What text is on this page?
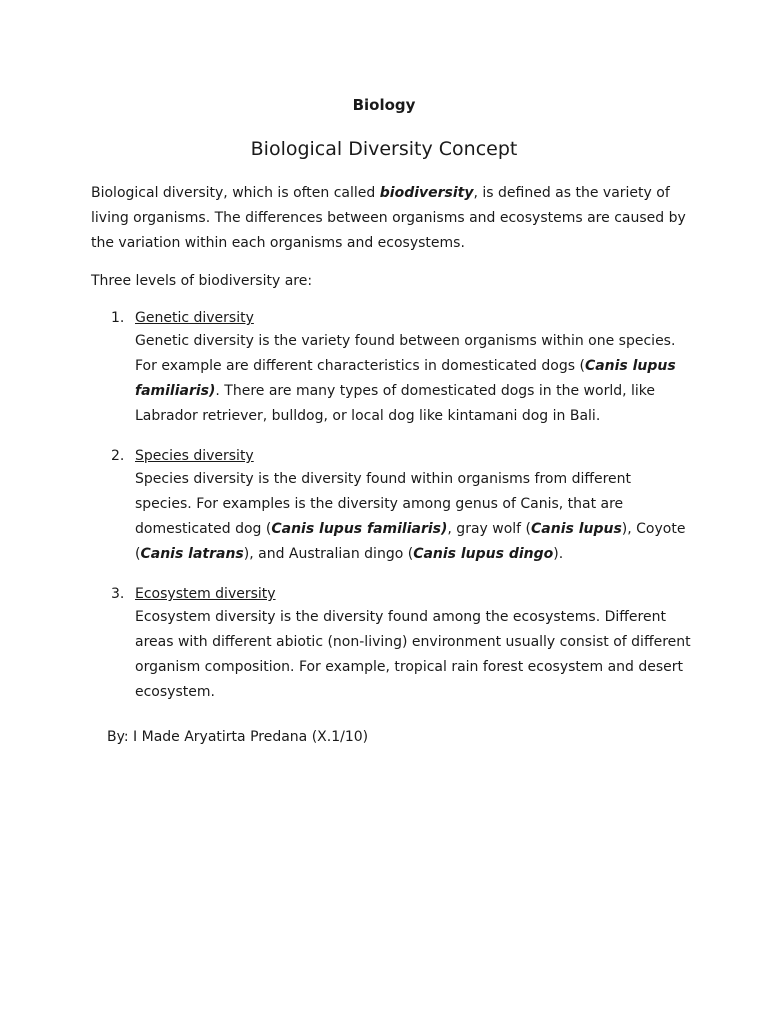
Biology
Biological Diversity Concept

Biological diversity, which is often called biodiversity, is defined as the variety of living organisms. The differences between organisms and ecosystems are caused by the variation within each organisms and ecosystems.

Three levels of biodiversity are:

1. Genetic diversity

Genetic diversity is the variety found between organisms within one species. For example are different characteristics in domesticated dogs (Canis lupus familiaris). There are many types of domesticated dogs in the world, like Labrador retriever, bulldog, or local dog like kintamani dog in Bali.

2. Species diversity

Species diversity is the diversity found within organisms from different species. For examples is the diversity among genus of Canis, that are domesticated dog (Canis lupus familiaris), gray wolf (Canis lupus), Coyote (Canis latrans), and Australian dingo (Canis lupus dingo).

3. Ecosystem diversity

Ecosystem diversity is the diversity found among the ecosystems. Different areas with different abiotic (non-living) environment usually consist of different organism composition. For example, tropical rain forest ecosystem and desert ecosystem.

By: I Made Aryatirta Predana (X.1/10)
